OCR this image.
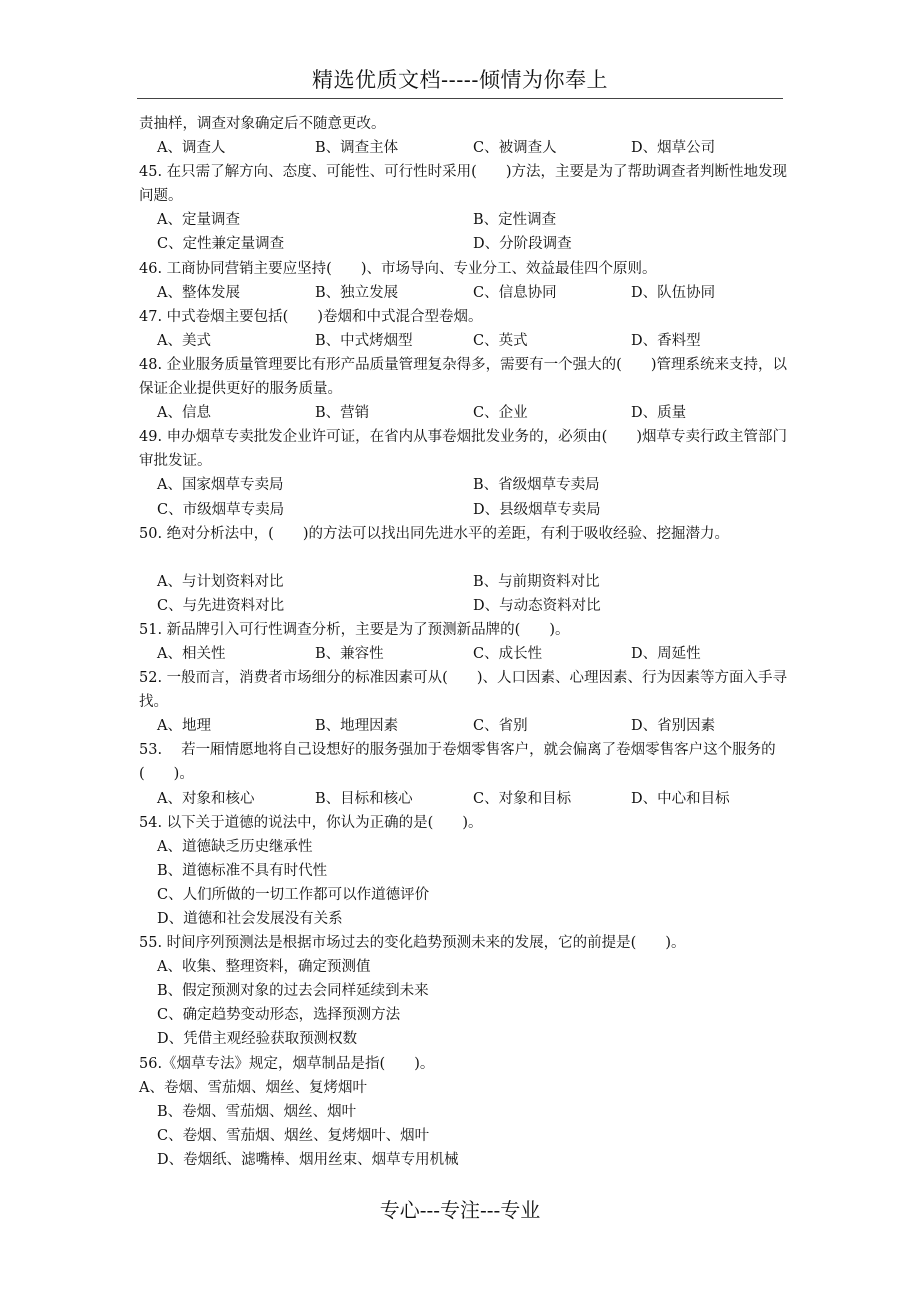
精选优质文档-----倾情为你奉上

责抽样，调查对象确定后不随意更改。

A、调查人	B、调查主体	C、被调查人	D、烟草公司

45. 在只需了解方向、态度、可能性、可行性时采用(　　)方法，主要是为了帮助调查者判断性地发现问题。

A、定量调查	B、定性调查
C、定性兼定量调查	D、分阶段调查

46. 工商协同营销主要应坚持(　　)、市场导向、专业分工、效益最佳四个原则。

A、整体发展	B、独立发展	C、信息协同	D、队伍协同

47. 中式卷烟主要包括(　　)卷烟和中式混合型卷烟。

A、美式	B、中式烤烟型	C、英式	D、香料型

48. 企业服务质量管理要比有形产品质量管理复杂得多，需要有一个强大的(　　)管理系统来支持，以保证企业提供更好的服务质量。

A、信息	B、营销	C、企业	D、质量

49. 申办烟草专卖批发企业许可证，在省内从事卷烟批发业务的，必须由(　　)烟草专卖行政主管部门审批发证。

A、国家烟草专卖局	B、省级烟草专卖局
C、市级烟草专卖局	D、县级烟草专卖局

50. 绝对分析法中，(　　)的方法可以找出同先进水平的差距，有利于吸收经验、挖掘潜力。

A、与计划资料对比	B、与前期资料对比
C、与先进资料对比	D、与动态资料对比

51. 新品牌引入可行性调查分析，主要是为了预测新品牌的(　　)。

A、相关性	B、兼容性	C、成长性	D、周延性

52. 一般而言，消费者市场细分的标准因素可从(　　)、人口因素、心理因素、行为因素等方面入手寻找。

A、地理	B、地理因素	C、省别	D、省别因素

53. 　若一厢情愿地将自己设想好的服务强加于卷烟零售客户，就会偏离了卷烟零售客户这个服务的(　　)。

A、对象和核心	B、目标和核心	C、对象和目标	D、中心和目标

54. 以下关于道德的说法中，你认为正确的是(　　)。

A、道德缺乏历史继承性

B、道德标准不具有时代性

C、人们所做的一切工作都可以作道德评价

D、道德和社会发展没有关系

55. 时间序列预测法是根据市场过去的变化趋势预测未来的发展，它的前提是(　　)。

A、收集、整理资料，确定预测值

B、假定预测对象的过去会同样延续到未来

C、确定趋势变动形态，选择预测方法

D、凭借主观经验获取预测权数

56.《烟草专法》规定，烟草制品是指(　　)。

A、卷烟、雪茄烟、烟丝、复烤烟叶

B、卷烟、雪茄烟、烟丝、烟叶

C、卷烟、雪茄烟、烟丝、复烤烟叶、烟叶

D、卷烟纸、滤嘴棒、烟用丝束、烟草专用机械

专心---专注---专业
